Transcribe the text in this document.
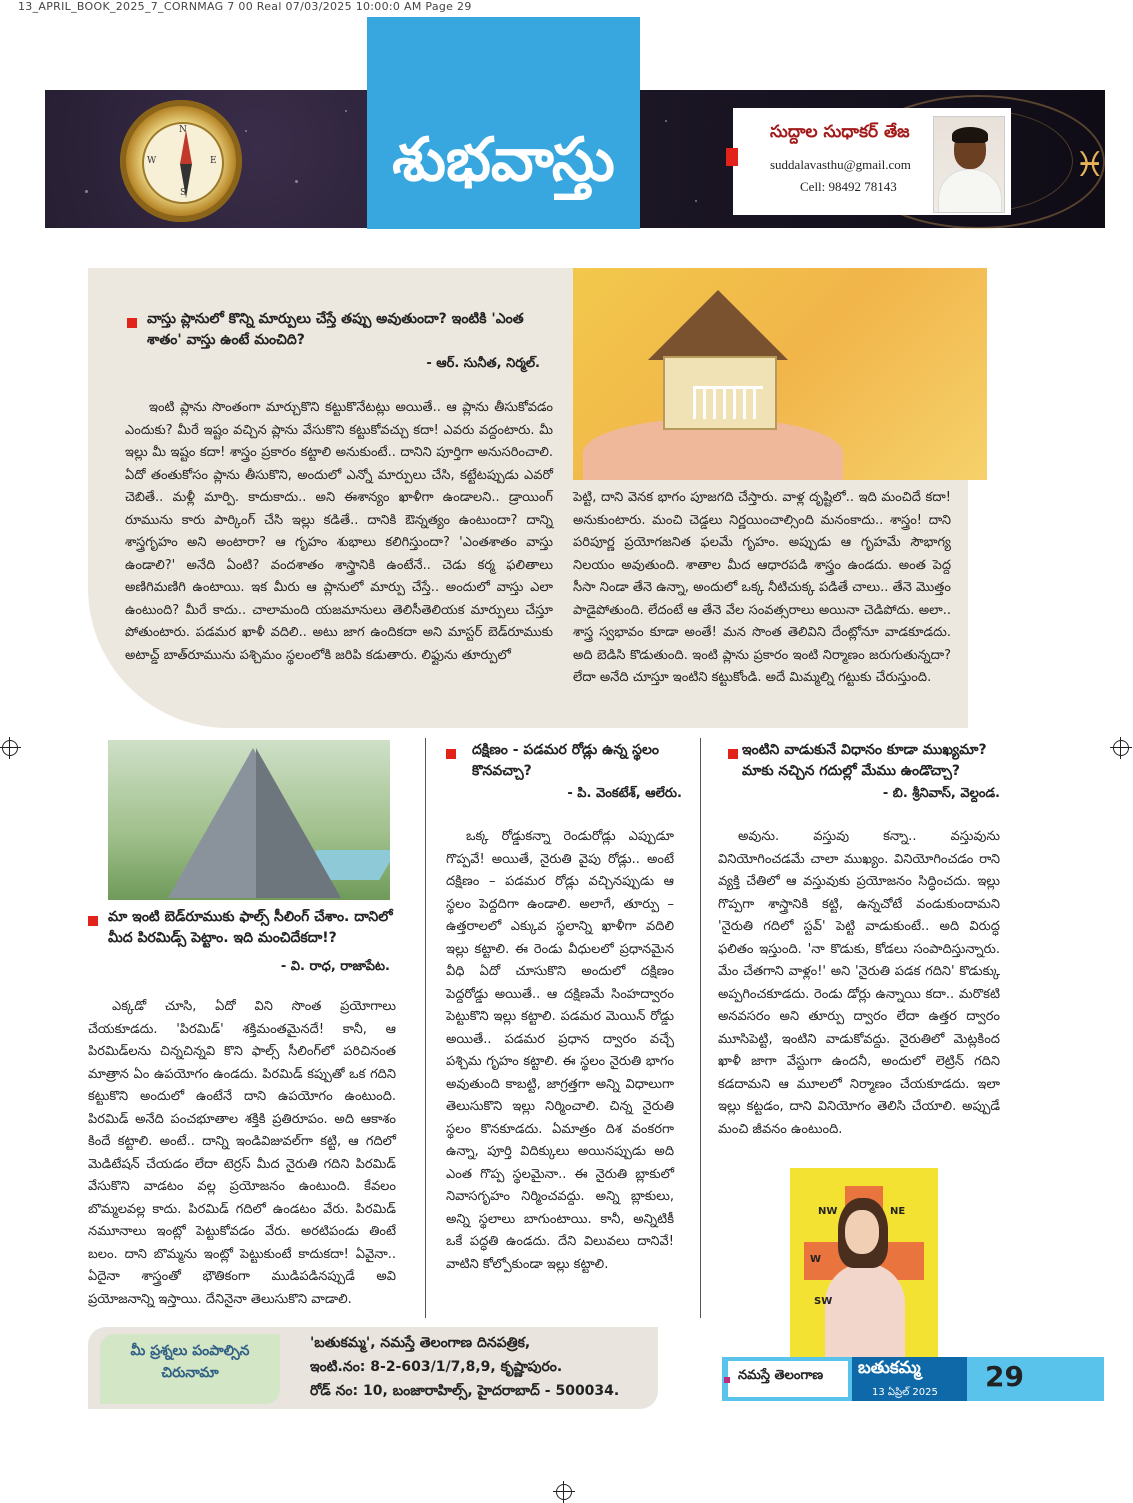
13_APRIL_BOOK_2025_7_CORNMAG 7 00 Real 07/03/2025 10:00:0 AM Page 29
♓
N
S
E
W	శుభవాస్తు	సుద్దాల సుధాకర్ తేజ
suddalavasthu@gmail.com
Cell: 98492 78143
వాస్తు ప్లానులో కొన్ని మార్పులు చేస్తే తప్పు అవుతుందా? ఇంటికి 'ఎంత శాతం' వాస్తు ఉంటే మంచిది?
- ఆర్. సునీత, నిర్మల్.
ఇంటి ప్లాను సొంతంగా మార్చుకొని కట్టుకొనేటట్లు అయితే.. ఆ ప్లాను తీసుకోవడం ఎందుకు? మీరే ఇష్టం వచ్చిన ప్లాను వేసుకొని కట్టుకోవచ్చు కదా! ఎవరు వద్దంటారు. మీ ఇల్లు మీ ఇష్టం కదా! శాస్త్రం ప్రకారం కట్టాలి అనుకుంటే.. దానిని పూర్తిగా అనుసరించాలి. ఏదో తంతుకోసం ప్లాను తీసుకొని, అందులో ఎన్నో మార్పులు చేసి, కట్టేటప్పుడు ఎవరో చెబితే.. మళ్లీ మార్పి. కాదుకాదు.. అని ఈశాన్యం ఖాళీగా ఉండాలని.. డ్రాయింగ్ రూమును కారు పార్కింగ్ చేసి ఇల్లు కడితే.. దానికి ఔన్నత్యం ఉంటుందా? దాన్ని శాస్త్రగృహం అని అంటారా? ఆ గృహం శుభాలు కలిగిస్తుందా? 'ఎంతశాతం వాస్తు ఉండాలి?' అనేది ఏంటి? వందశాతం శాస్త్రానికి ఉంటేనే.. చెడు కర్మ ఫలితాలు అణిగిమణిగి ఉంటాయి. ఇక మీరు ఆ ప్లానులో మార్పు చేస్తే.. అందులో వాస్తు ఎలా ఉంటుంది? మీరే కాదు.. చాలామంది యజమానులు తెలిసీతెలియక మార్పులు చేస్తూ పోతుంటారు. పడమర ఖాళీ వదిలి.. అటు జాగ ఉందికదా అని మాస్టర్ బెడ్‌రూముకు అటాచ్డ్ బాత్‌రూమును పశ్చిమం స్థలంలోకి జరిపి కడుతారు. లిఫ్టును తూర్పులో
పెట్టి, దాని వెనక భాగం పూజగది చేస్తారు. వాళ్ల దృష్టిలో.. ఇది మంచిదే కదా! అనుకుంటారు. మంచి చెడ్డలు నిర్ణయించాల్సింది మనంకాదు.. శాస్త్రం! దాని పరిపూర్ణ ప్రయోగజనిత ఫలమే గృహం. అప్పుడు ఆ గృహమే సౌభాగ్య నిలయం అవుతుంది. శాతాల మీద ఆధారపడి శాస్త్రం ఉండదు. అంత పెద్ద సీసా నిండా తేనె ఉన్నా, అందులో ఒక్క నీటిచుక్క పడితే చాలు.. తేనె మొత్తం పాడైపోతుంది. లేదంటే ఆ తేనె వేల సంవత్సరాలు అయినా చెడిపోదు. అలా.. శాస్త్ర స్వభావం కూడా అంతే! మన సొంత తెలివిని దేంట్లోనూ వాడకూడదు. అది బెడిసి కొడుతుంది. ఇంటి ప్లాను ప్రకారం ఇంటి నిర్మాణం జరుగుతున్నదా? లేదా అనేది చూస్తూ ఇంటిని కట్టుకోండి. అదే మిమ్మల్ని గట్టుకు చేరుస్తుంది.
మా ఇంటి బెడ్‌రూముకు ఫాల్స్ సీలింగ్ చేశాం. దానిలో మీద పిరమిడ్స్ పెట్టాం. ఇది మంచిదేకదా!?
- వి. రాధ, రాజాపేట.
ఎక్కడో చూసి, ఏదో విని సొంత ప్రయోగాలు చేయకూడదు. 'పిరమిడ్' శక్తిమంతమైనదే! కానీ, ఆ పిరమిడ్‌లను చిన్నచిన్నవి కొని ఫాల్స్ సీలింగ్‌లో పరిచినంత మాత్రాన ఏం ఉపయోగం ఉండదు. పిరమిడ్ కప్పుతో ఒక గదిని కట్టుకొని అందులో ఉంటేనే దాని ఉపయోగం ఉంటుంది. పిరమిడ్ అనేది పంచభూతాల శక్తికి ప్రతిరూపం. అది ఆకాశం కిందే కట్టాలి. అంటే.. దాన్ని ఇండివిజువల్‌గా కట్టి, ఆ గదిలో మెడిటేషన్ చేయడం లేదా టెర్రస్ మీద నైరుతి గదిని పిరమిడ్ వేసుకొని వాడటం వల్ల ప్రయోజనం ఉంటుంది. కేవలం బొమ్మలవల్ల కాదు. పిరమిడ్ గదిలో ఉండటం వేరు. పిరమిడ్ నమూనాలు ఇంట్లో పెట్టుకోవడం వేరు. అరటిపండు తింటే బలం. దాని బొమ్మను ఇంట్లో పెట్టుకుంటే కాదుకదా! ఏవైనా.. ఏదైనా శాస్త్రంతో భౌతికంగా ముడిపడినప్పుడే అవి ప్రయోజనాన్ని ఇస్తాయి. దేనినైనా తెలుసుకొని వాడాలి.
దక్షిణం - పడమర రోడ్లు ఉన్న స్థలం కొనవచ్చా?
- పి. వెంకటేశ్, ఆలేరు.
ఒక్క రోడ్డుకన్నా రెండురోడ్లు ఎప్పుడూ గొప్పవే! అయితే, నైరుతి వైపు రోడ్లు.. అంటే దక్షిణం – పడమర రోడ్లు వచ్చినప్పుడు ఆ స్థలం పెద్దదిగా ఉండాలి. అలాగే, తూర్పు – ఉత్తరాలలో ఎక్కువ స్థలాన్ని ఖాళీగా వదిలి ఇల్లు కట్టాలి. ఈ రెండు వీధులలో ప్రధానమైన వీధి ఏదో చూసుకొని అందులో దక్షిణం పెద్దరోడ్డు అయితే.. ఆ దక్షిణమే సింహద్వారం పెట్టుకొని ఇల్లు కట్టాలి. పడమర మెయిన్ రోడ్డు అయితే.. పడమర ప్రధాన ద్వారం వచ్చే పశ్చిమ గృహం కట్టాలి. ఈ స్థలం నైరుతి భాగం అవుతుంది కాబట్టి, జాగ్రత్తగా అన్ని విధాలుగా తెలుసుకొని ఇల్లు నిర్మించాలి. చిన్న నైరుతి స్థలం కొనకూడదు. ఏమాత్రం దిశ వంకరగా ఉన్నా, పూర్తి విదిక్కులు అయినప్పుడు అది ఎంత గొప్ప స్థలమైనా.. ఈ నైరుతి బ్లాకులో నివాసగృహం నిర్మించవద్దు. అన్ని బ్లాకులు, అన్ని స్థలాలు బాగుంటాయి. కానీ, అన్నిటికీ ఒకే పద్ధతి ఉండదు. దేని విలువలు దానివే! వాటిని కోల్పోకుండా ఇల్లు కట్టాలి.
ఇంటిని వాడుకునే విధానం కూడా ముఖ్యమా? మాకు నచ్చిన గదుల్లో మేము ఉండొచ్చా?
- బి. శ్రీనివాస్, వెల్దండ.
అవును. వస్తువు కన్నా.. వస్తువును వినియోగించడమే చాలా ముఖ్యం. వినియోగించడం రాని వ్యక్తి చేతిలో ఆ వస్తువుకు ప్రయోజనం సిద్ధించదు. ఇల్లు గొప్పగా శాస్త్రానికి కట్టి, ఉన్నచోటే వండుకుందామని 'నైరుతి గదిలో స్టవ్' పెట్టి వాడుకుంటే.. అది విరుద్ధ ఫలితం ఇస్తుంది. 'నా కొడుకు, కోడలు సంపాదిస్తున్నారు. మేం చేతగాని వాళ్లం!' అని 'నైరుతి పడక గదిని' కొడుక్కు అప్పగించకూడదు. రెండు డోర్లు ఉన్నాయి కదా.. మరొకటి అనవసరం అని తూర్పు ద్వారం లేదా ఉత్తర ద్వారం మూసిపెట్టి, ఇంటిని వాడుకోవద్దు. నైరుతిలో మెట్లకింద ఖాళీ జాగా వేస్టుగా ఉందనీ, అందులో లెట్రిన్ గదిని కడదామని ఆ మూలలో నిర్మాణం చేయకూడదు. ఇలా ఇల్లు కట్టడం, దాని వినియోగం తెలిసి చేయాలి. అప్పుడే మంచి జీవనం ఉంటుంది.
NW	NE
W
SW
మీ ప్రశ్నలు పంపాల్సిన చిరునామా
'బతుకమ్మ', నమస్తే తెలంగాణ దినపత్రిక,
ఇంటి.నం: 8-2-603/1/7,8,9, కృష్ణాపురం.
రోడ్ నం: 10, బంజారాహిల్స్, హైదరాబాద్ - 500034.
నమస్తే తెలంగాణ బతుకమ్మ
13 ఏప్రిల్ 2025 29
